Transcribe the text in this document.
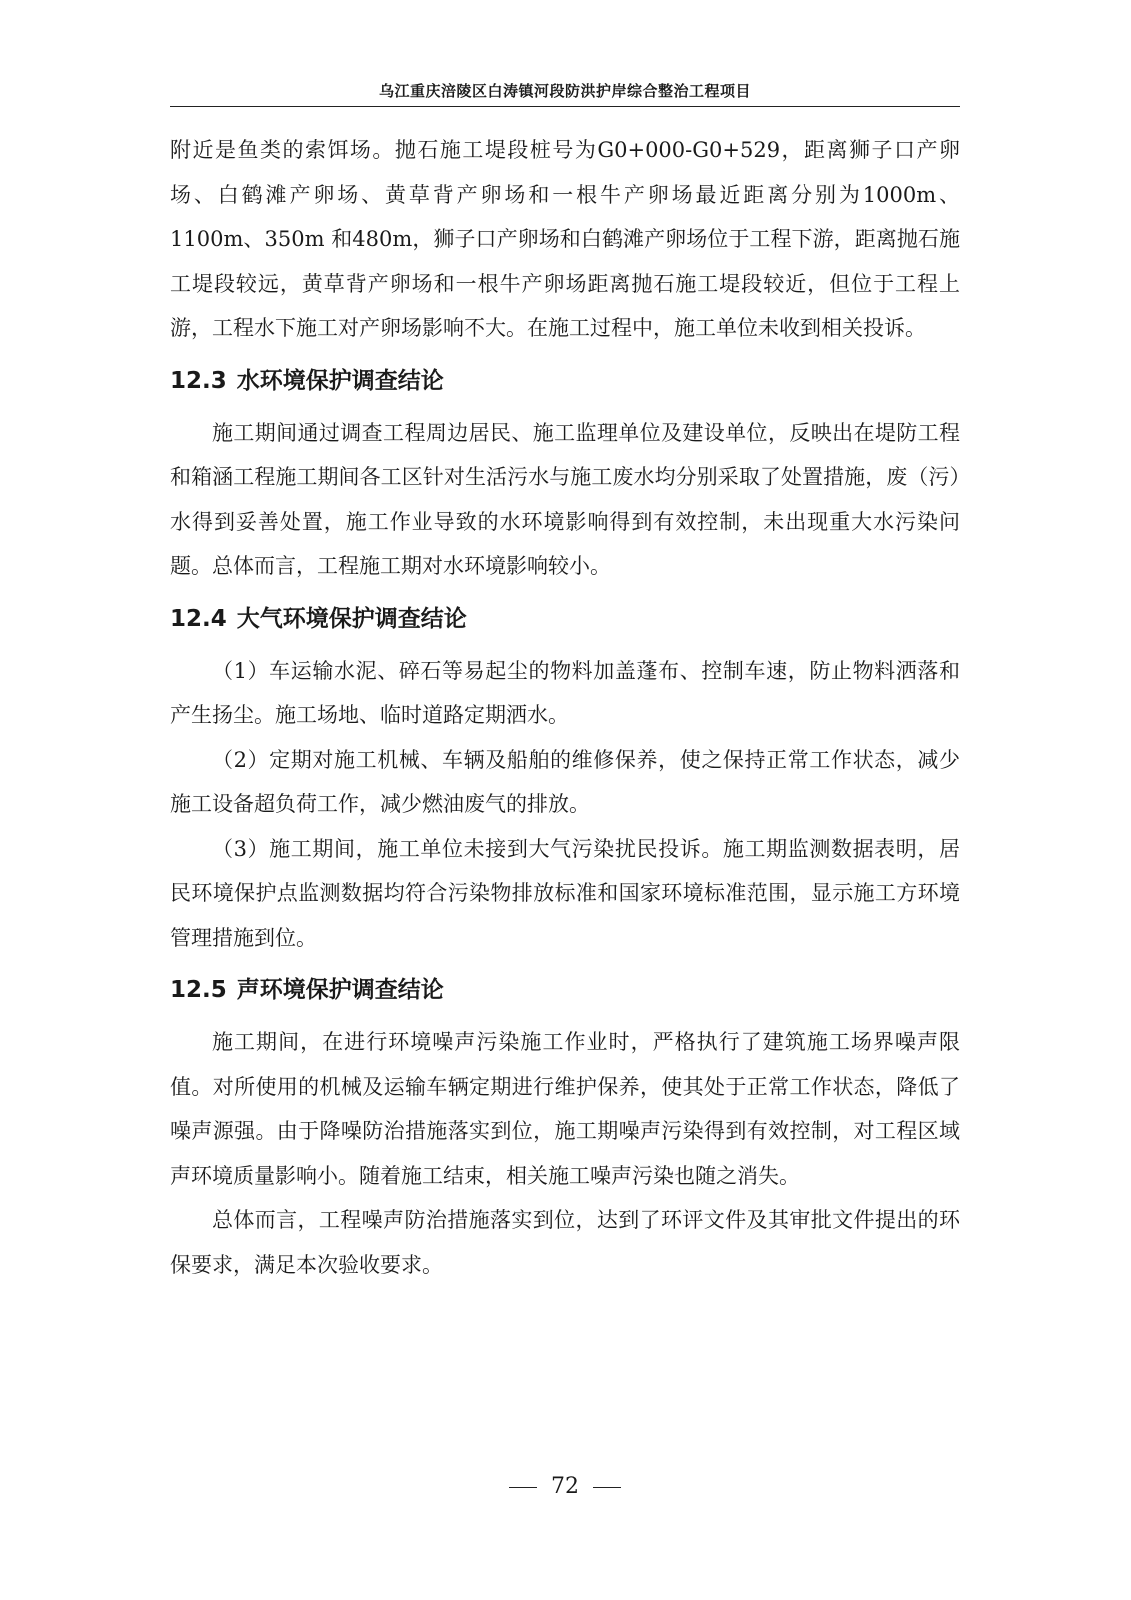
乌江重庆涪陵区白涛镇河段防洪护岸综合整治工程项目

附近是鱼类的索饵场。抛石施工堤段桩号为G0+000-G0+529，距离狮子口产卵场、白鹤滩产卵场、黄草背产卵场和一根牛产卵场最近距离分别为1000m、1100m、350m 和480m，狮子口产卵场和白鹤滩产卵场位于工程下游，距离抛石施工堤段较远，黄草背产卵场和一根牛产卵场距离抛石施工堤段较近，但位于工程上游，工程水下施工对产卵场影响不大。在施工过程中，施工单位未收到相关投诉。

12.3 水环境保护调查结论

施工期间通过调查工程周边居民、施工监理单位及建设单位，反映出在堤防工程和箱涵工程施工期间各工区针对生活污水与施工废水均分别采取了处置措施，废（污）水得到妥善处置，施工作业导致的水环境影响得到有效控制，未出现重大水污染问题。总体而言，工程施工期对水环境影响较小。

12.4 大气环境保护调查结论

（1）车运输水泥、碎石等易起尘的物料加盖蓬布、控制车速，防止物料洒落和产生扬尘。施工场地、临时道路定期洒水。

（2）定期对施工机械、车辆及船舶的维修保养，使之保持正常工作状态，减少施工设备超负荷工作，减少燃油废气的排放。

（3）施工期间，施工单位未接到大气污染扰民投诉。施工期监测数据表明，居民环境保护点监测数据均符合污染物排放标准和国家环境标准范围，显示施工方环境管理措施到位。

12.5 声环境保护调查结论

施工期间，在进行环境噪声污染施工作业时，严格执行了建筑施工场界噪声限值。对所使用的机械及运输车辆定期进行维护保养，使其处于正常工作状态，降低了噪声源强。由于降噪防治措施落实到位，施工期噪声污染得到有效控制，对工程区域声环境质量影响小。随着施工结束，相关施工噪声污染也随之消失。

总体而言，工程噪声防治措施落实到位，达到了环评文件及其审批文件提出的环保要求，满足本次验收要求。

72
